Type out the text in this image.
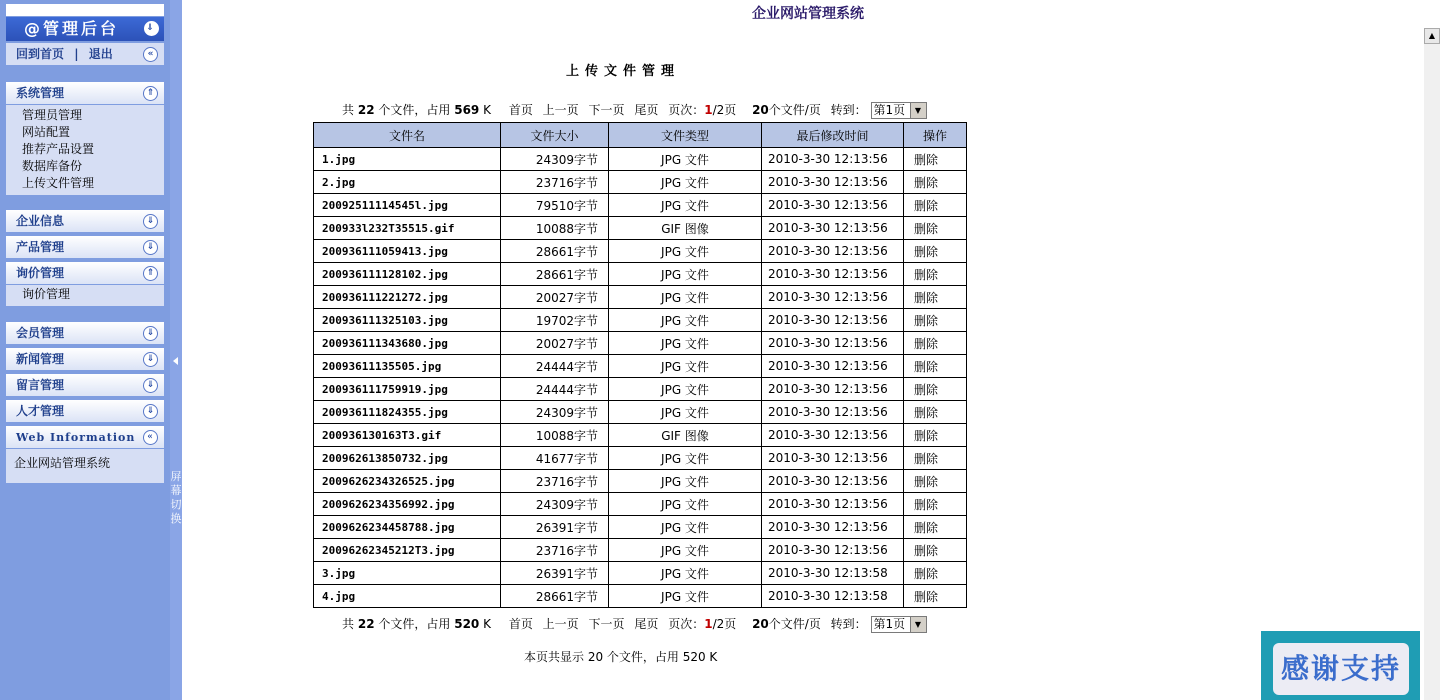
@管理后台	⇓
回到首页 | 退出	«
系统管理	⇑
管理员管理
网站配置
推荐产品设置
数据库备份
上传文件管理
企业信息	⇓
产品管理	⇓
询价管理	⇑
询价管理
会员管理	⇓
新闻管理	⇓
留言管理	⇓
人才管理	⇓
Web Information	«
企业网站管理系统
屏幕切换
企业网站管理系统
上传文件管理
共 22 个文件，占用 569 K 首页 上一页 下一页 尾页 页次：1/2页 20个文件/页 转到： 第1页	▼
文件名	文件大小	文件类型	最后修改时间	操作
1.jpg	24309字节	JPG 文件	2010-3-30 12:13:56	删除
2.jpg	23716字节	JPG 文件	2010-3-30 12:13:56	删除
20092511114545l.jpg	79510字节	JPG 文件	2010-3-30 12:13:56	删除
200933l232T35515.gif	10088字节	GIF 图像	2010-3-30 12:13:56	删除
200936111059413.jpg	28661字节	JPG 文件	2010-3-30 12:13:56	删除
200936111128102.jpg	28661字节	JPG 文件	2010-3-30 12:13:56	删除
200936111221272.jpg	20027字节	JPG 文件	2010-3-30 12:13:56	删除
200936111325103.jpg	19702字节	JPG 文件	2010-3-30 12:13:56	删除
200936111343680.jpg	20027字节	JPG 文件	2010-3-30 12:13:56	删除
20093611135505.jpg	24444字节	JPG 文件	2010-3-30 12:13:56	删除
200936111759919.jpg	24444字节	JPG 文件	2010-3-30 12:13:56	删除
200936111824355.jpg	24309字节	JPG 文件	2010-3-30 12:13:56	删除
200936130163T3.gif	10088字节	GIF 图像	2010-3-30 12:13:56	删除
200962613850732.jpg	41677字节	JPG 文件	2010-3-30 12:13:56	删除
2009626234326525.jpg	23716字节	JPG 文件	2010-3-30 12:13:56	删除
2009626234356992.jpg	24309字节	JPG 文件	2010-3-30 12:13:56	删除
2009626234458788.jpg	26391字节	JPG 文件	2010-3-30 12:13:56	删除
20096262345212T3.jpg	23716字节	JPG 文件	2010-3-30 12:13:56	删除
3.jpg	26391字节	JPG 文件	2010-3-30 12:13:58	删除
4.jpg	28661字节	JPG 文件	2010-3-30 12:13:58	删除
共 22 个文件，占用 520 K 首页 上一页 下一页 尾页 页次：1/2页 20个文件/页 转到： 第1页	▼
本页共显示 20 个文件，占用 520 K
▲
感谢支持
